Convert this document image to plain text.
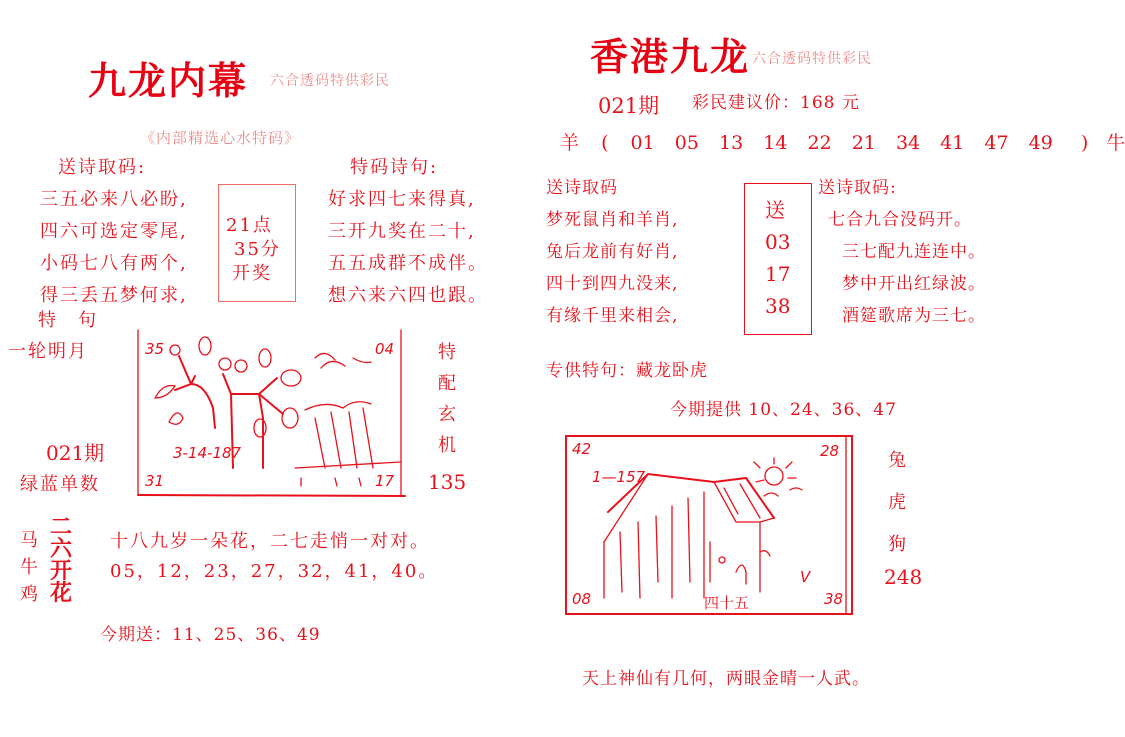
九龙内幕 六合透码特供彩民
《内部精选心水特码》
送诗取码:
三五必来八必盼,
四六可选定零尾,
小码七八有两个,
得三丢五梦何求,
21点
35分
开奖
特码诗句:
好求四七来得真,
三开九奖在二十,
五五成群不成伴。
想六来六四也跟。
特　句
一轮明月
021期
绿蓝单数
35	04
31	17
3-14-187
特
配
玄
机
135
马
牛
鸡
二
六
开
花
十八九岁一朵花，二七走悄一对对。
05，12，23，27，32，41，40。
今期送：11、25、36、49
香港九龙 六合透码特供彩民
021期 彩民建议价：168 元
羊 ( 01 05 13 14 22 21 34 41 47 49 ) 牛
送诗取码
梦死鼠肖和羊肖,
兔后龙前有好肖,
四十到四九没来,
有缘千里来相会,
送
03
17
38
送诗取码:
七合九合没码开。
三七配九连连中。
梦中开出红绿波。
酒筵歌席为三七。
专供特句：藏龙卧虎
今期提供 10、24、36、47
42	28
08	38
1—157
四十五
V
兔
虎
狗
248
天上神仙有几何，两眼金晴一人武。
